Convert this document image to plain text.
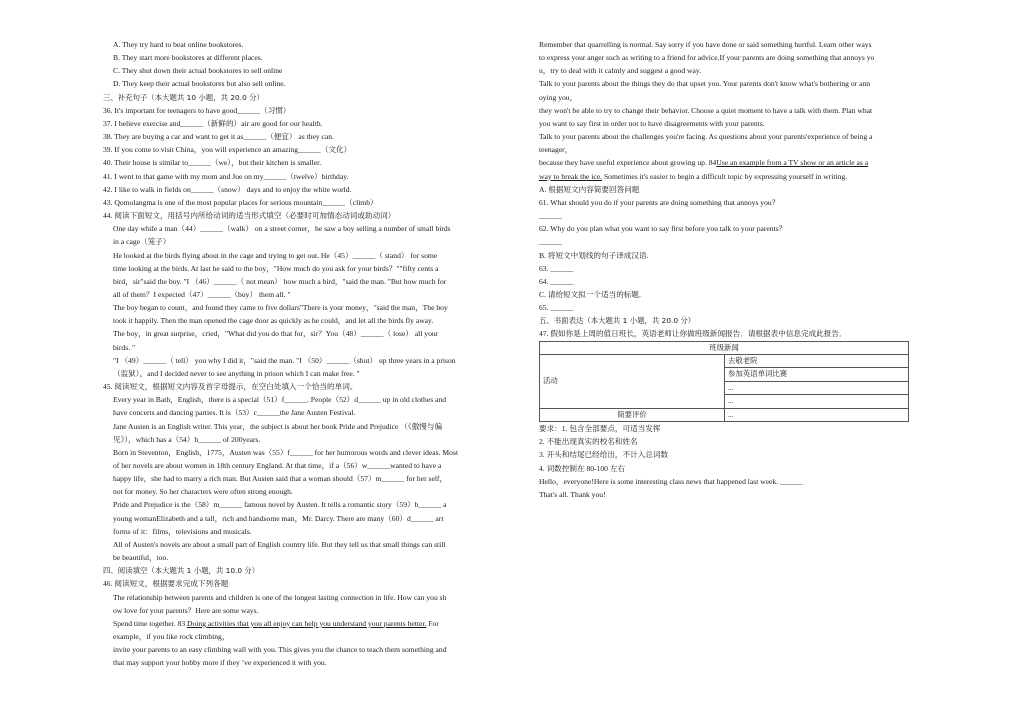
A. They try hard to beat online bookstores.
B. They start more bookstores at different places.
C. They shut down their actual bookstores to sell online
D. They keep their actual bookstores but also sell online.
三、补充句子（本大题共 10 小题，共 20.0 分）
36. It's important for teenagers to have good______（习惯）
37. I believe exercise and______（新鲜的）air are good for our health.
38. They are buying a car and want to get it as______（便宜） as they can.
39. If you come to visit China，you will experience an amazing______（文化）
40. Their house is similar to______（we），but their kitchen is smaller.
41. I went to that game with my mom and Joe on my______（twelve）birthday.
42. I like to walk in fields on______（snow） days and to enjoy the white world.
43. Qomolangma is one of the most popular places for serious mountain______（climb）
44. 阅读下面短文，用括号内所给动词的适当形式填空（必要时可加情态动词或助动词）
One day while a man（44）______（walk） on a street corner，he saw a boy selling a number of small birds
in a cage（笼子）
He looked at the birds flying about in the cage and trying to get out. He（45）______（ stand） for some
time looking at the birds. At last he said to the boy，"How much do you ask for your birds？""fifty cents a
bird，sir"said the boy. "I （46）______（ not mean） how much a bird，"said the man. "But how much for
all of them？I expected（47）______（buy） them all. "
The boy began to count，and found they came to five dollars"There is your money，"said the man，The boy
took it happily. Then the man opened the cage door as quickly as he could，and let all the birds fly away.
The boy，in great surprise，cried，"What did you do that for，sir？You（48）______（ lose） all your
birds. "
"I （49）______（ tell） you why I did it，"said the man. "I （50）______（shut） up three years in a prison
（监狱），and I decided never to see anything in prison which I can make free. "
45. 阅读短文，根据短文内容及首字母提示，在空白处填入一个恰当的单词。
Every year in Bath，English，there is a special（51）f______. People（52）d______ up in old clothes and
have concerts and dancing parties. It is（53）c______the Jane Austen Festival.
Jane Austen is an English writer. This year，the subject is about her book Pride and Prejudice （《傲慢与偏
见》），which has a（54）h______ of 200years.
Born in Steventon，English，1775，Austen was（55）f______ for her humorous words and clever ideas. Most
of her novels are about women in 18th century England. At that time，if a（56）w______wanted to have a
happy life，she had to marry a rich man. But Austen said that a woman should（57）m______ for her self，
not for money. So her characters were often strong enough.
Pride and Prejudice is the（58）m______ famous novel by Austen. It tells a romantic story（59）b______ a
young womanElizabeth and a tall，rich and handsome man，Mr. Darcy. There are many（60）d______ art
forms of it：films，televisions and musicals.
All of Austen's novels are about a small part of English country life. But they tell us that small things can still
be beautiful，too.
四、阅读填空（本大题共 1 小题，共 10.0 分）
46. 阅读短文，根据要求完成下列各题
The relationship between parents and children is one of the longest lasting connection in life. How can you sh
ow love for your parents？Here are some ways.
Spend time together. 83 Doing activities that you all enjoy can help you understand your parents better. For
example，if you like rock climbing，
invite your parents to an easy climbing wall with you. This gives you the chance to teach them something and
that may support your hobby more if they ’ve experienced it with you.
Remember that quarrelling is normal. Say sorry if you have done or said something hurtful. Learn other ways
to express your anger such as writing to a friend for advice.If your parents are doing something that annoys yo
u，try to deal with it calmly and suggest a good way.
Talk to your parents about the things they do that upset you. Your parents don't know what's bothering or ann
oying you，
they won't be able to try to change their behavior. Choose a quiet moment to have a talk with them. Plan what
you want to say first in order not to have disagreements with your parents.
Talk to your parents about the challenges you're facing. As questions about your parents'experience of being a
teenager，
because they have useful experience about growing up. 84Use an example from a TV show or an article as a
way to break the ice. Sometimes it's easier to begin a difficult topic by expressing yourself in writing.
A. 根据短文内容简要回答问题
61. What should you do if your parents are doing something that annoys you？
______
62. Why do you plan what you want to say first before you talk to your parents？
______
B. 将短文中划线的句子译成汉语.
63. ______
64. ______
C. 请给短文拟一个适当的标题.
65. ______
五、书面表达（本大题共 1 小题，共 20.0 分）
47. 假如你是上周的值日班长，英语老师让你做班级新闻报告．请根据表中信息完成此报告．
班级新闻	
活动	去敬老院
	参加英语单词比赛
	...
	...
简要评价	...
要求：1. 包含全部要点，可适当发挥
2. 不能出现真实的校名和姓名
3. 开头和结尾已经给出，不计入总词数
4. 词数控制在 80-100 左右
Hello，everyone!Here is some interesting class news that happened last week. ______
That's all. Thank you!
